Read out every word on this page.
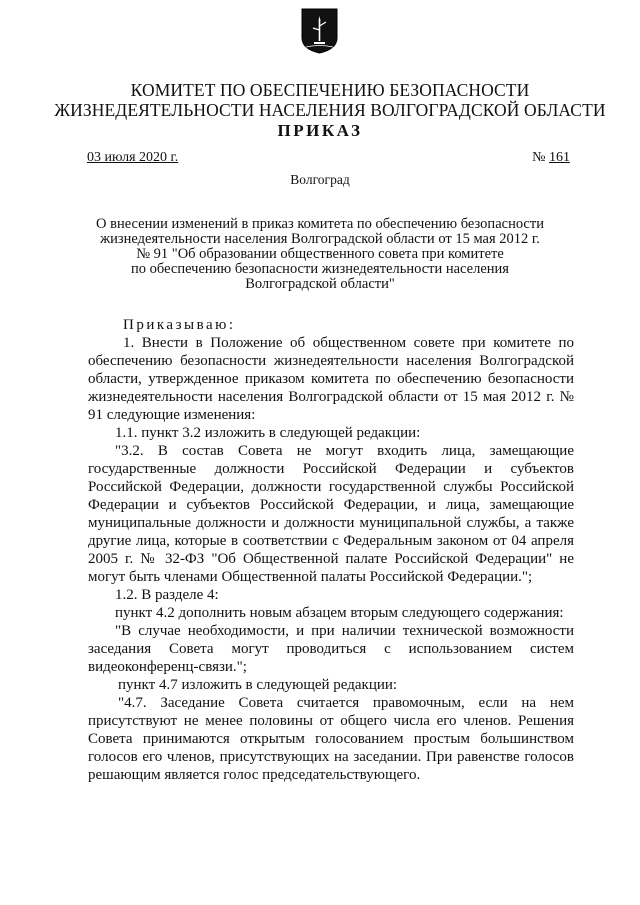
КОМИТЕТ ПО ОБЕСПЕЧЕНИЮ БЕЗОПАСНОСТИ
ЖИЗНЕДЕЯТЕЛЬНОСТИ НАСЕЛЕНИЯ ВОЛГОГРАДСКОЙ ОБЛАСТИ
ПРИКАЗ
03 июля 2020 г.	№ 161
Волгоград
О внесении изменений в приказ комитета по обеспечению безопасности
жизнедеятельности населения Волгоградской области от 15 мая 2012 г.
№ 91 "Об образовании общественного совета при комитете
по обеспечению безопасности жизнедеятельности населения
Волгоградской области"

Приказываю:

1. Внести в Положение об общественном совете при комитете по обеспечению безопасности жизнедеятельности населения Волгоградской области, утвержденное приказом комитета по обеспечению безопасности жизнедеятельности населения Волгоградской области от 15 мая 2012 г. № 91 следующие изменения:

1.1. пункт 3.2 изложить в следующей редакции:

"3.2. В состав Совета не могут входить лица, замещающие государственные должности Российской Федерации и субъектов Российской Федерации, должности государственной службы Российской Федерации и субъектов Российской Федерации, и лица, замещающие муниципальные должности и должности муниципальной службы, а также другие лица, которые в соответствии с Федеральным законом от 04 апреля 2005 г. № 32-ФЗ "Об Общественной палате Российской Федерации" не могут быть членами Общественной палаты Российской Федерации.";

1.2. В разделе 4:

пункт 4.2 дополнить новым абзацем вторым следующего содержания:

"В случае необходимости, и при наличии технической возможности заседания Совета могут проводиться с использованием систем видеоконференц-связи.";

пункт 4.7 изложить в следующей редакции:

"4.7. Заседание Совета считается правомочным, если на нем присутствуют не менее половины от общего числа его членов. Решения Совета принимаются открытым голосованием простым большинством голосов его членов, присутствующих на заседании. При равенстве голосов решающим является голос председательствующего.
